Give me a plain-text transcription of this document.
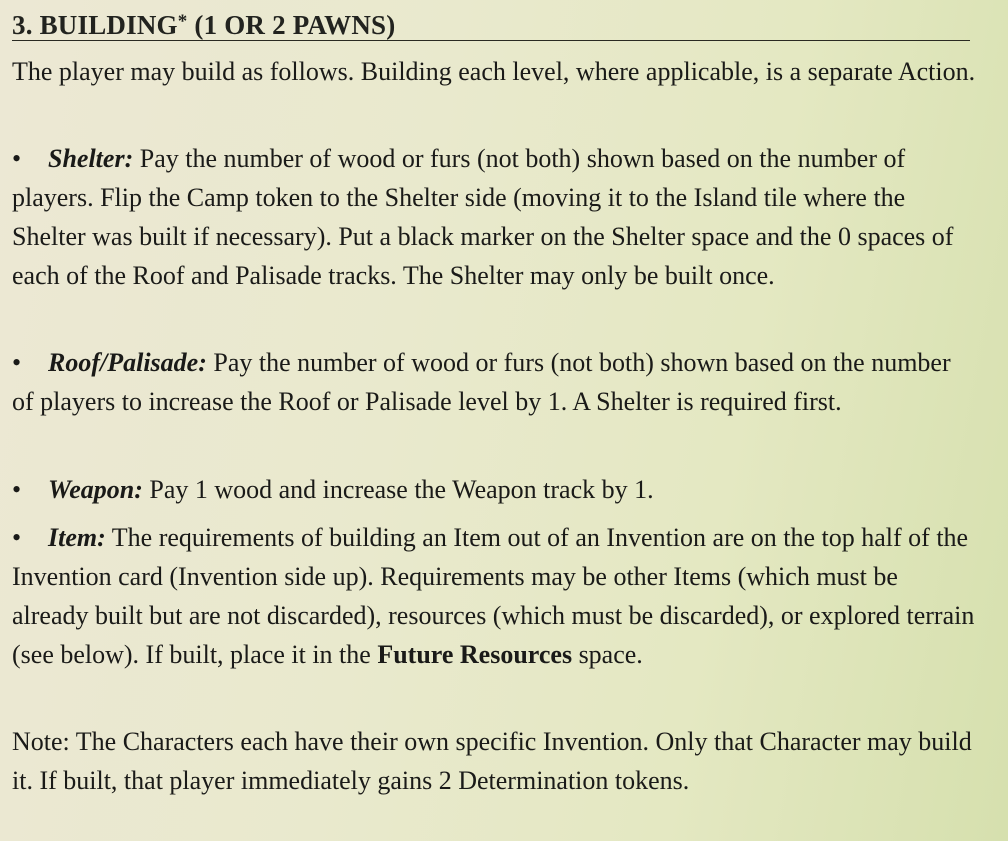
3. BUILDING* (1 OR 2 PAWNS)
The player may build as follows. Building each level, where applicable, is a separate Action.
• Shelter: Pay the number of wood or furs (not both) shown based on the number of players. Flip the Camp token to the Shelter side (moving it to the Island tile where the Shelter was built if necessary). Put a black marker on the Shelter space and the 0 spaces of each of the Roof and Palisade tracks. The Shelter may only be built once.
• Roof/Palisade: Pay the number of wood or furs (not both) shown based on the number of players to increase the Roof or Palisade level by 1. A Shelter is required first.
• Weapon: Pay 1 wood and increase the Weapon track by 1.
• Item: The requirements of building an Item out of an Invention are on the top half of the Invention card (Invention side up). Requirements may be other Items (which must be already built but are not discarded), resources (which must be discarded), or explored terrain (see below). If built, place it in the Future Resources space.
Note: The Characters each have their own specific Invention. Only that Character may build it. If built, that player immediately gains 2 Determination tokens.
